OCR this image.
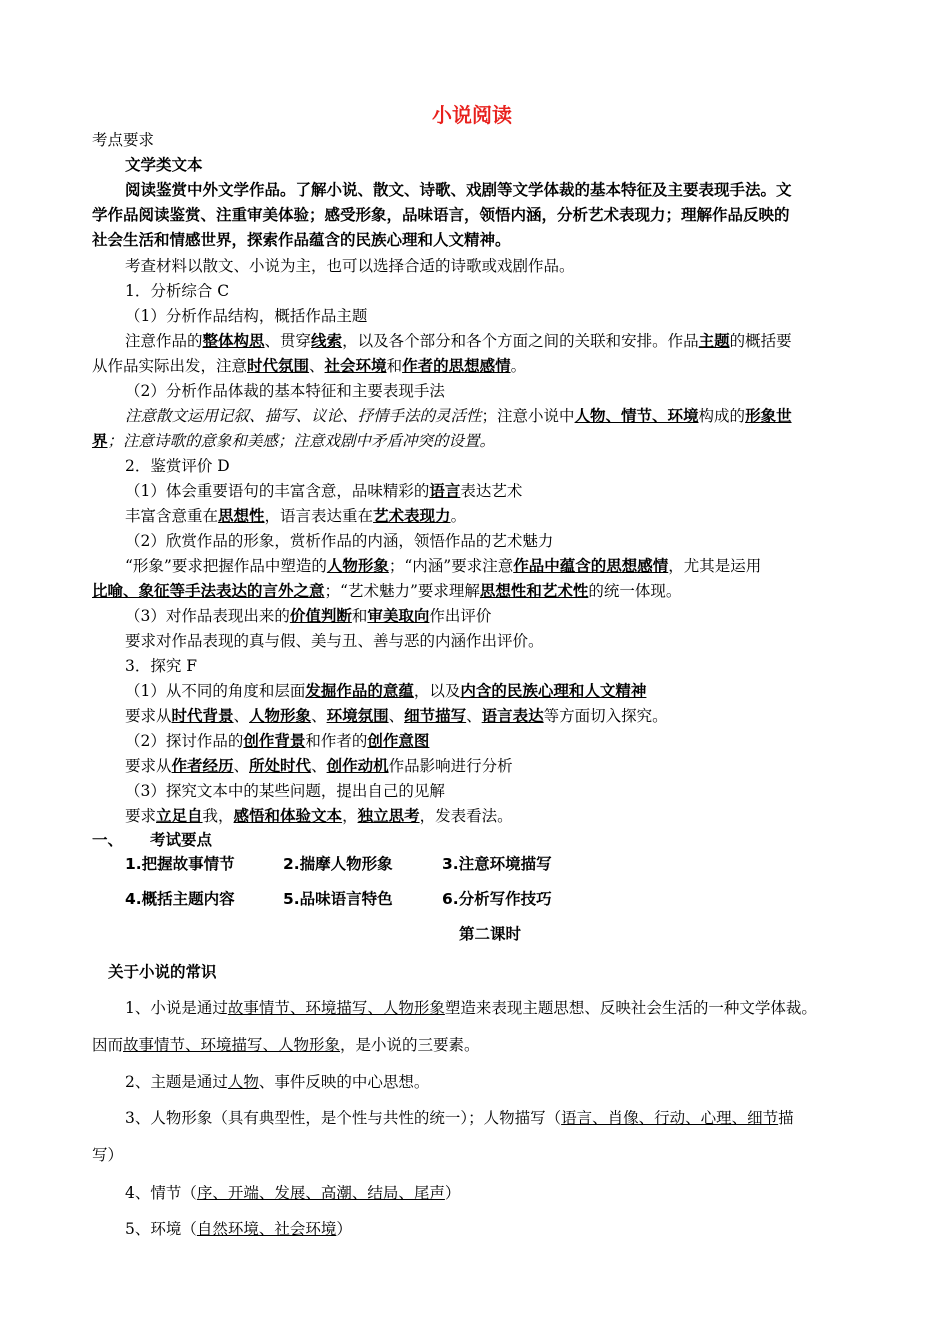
小说阅读
考点要求
文学类文本
阅读鉴赏中外文学作品。了解小说、散文、诗歌、戏剧等文学体裁的基本特征及主要表现手法。文
学作品阅读鉴赏、注重审美体验；感受形象，品味语言，领悟内涵，分析艺术表现力；理解作品反映的
社会生活和情感世界，探索作品蕴含的民族心理和人文精神。
考查材料以散文、小说为主，也可以选择合适的诗歌或戏剧作品。
1．分析综合 C
（1）分析作品结构，概括作品主题
注意作品的整体构思、贯穿线索，以及各个部分和各个方面之间的关联和安排。作品主题的概括要
从作品实际出发，注意时代氛围、社会环境和作者的思想感情。
（2）分析作品体裁的基本特征和主要表现手法
注意散文运用记叙、描写、议论、抒情手法的灵活性；注意小说中人物、情节、环境构成的形象世
界；注意诗歌的意象和美感；注意戏剧中矛盾冲突的设置。
2．鉴赏评价 D
（1）体会重要语句的丰富含意，品味精彩的语言表达艺术
丰富含意重在思想性，语言表达重在艺术表现力。
（2）欣赏作品的形象，赏析作品的内涵，领悟作品的艺术魅力
“形象”要求把握作品中塑造的人物形象；“内涵”要求注意作品中蕴含的思想感情，尤其是运用
比喻、象征等手法表达的言外之意；“艺术魅力”要求理解思想性和艺术性的统一体现。
（3）对作品表现出来的价值判断和审美取向作出评价
要求对作品表现的真与假、美与丑、善与恶的内涵作出评价。
3．探究 F
（1）从不同的角度和层面发掘作品的意蕴，以及内含的民族心理和人文精神
要求从时代背景、人物形象、环境氛围、细节描写、语言表达等方面切入探究。
（2）探讨作品的创作背景和作者的创作意图
要求从作者经历、所处时代、创作动机作品影响进行分析
（3）探究文本中的某些问题，提出自己的见解
要求立足自我，感悟和体验文本，独立思考，发表看法。
一、 考试要点
1.把握故事情节	2.揣摩人物形象	3.注意环境描写
4.概括主题内容	5.品味语言特色	6.分析写作技巧
第二课时
关于小说的常识
1、小说是通过故事情节、环境描写、人物形象塑造来表现主题思想、反映社会生活的一种文学体裁。
因而故事情节、环境描写、人物形象，是小说的三要素。
2、主题是通过人物、事件反映的中心思想。
3、人物形象（具有典型性，是个性与共性的统一）；人物描写（语言、肖像、行动、心理、细节描
写）
4、情节（序、开端、发展、高潮、结局、尾声）
5、环境（自然环境、社会环境）
